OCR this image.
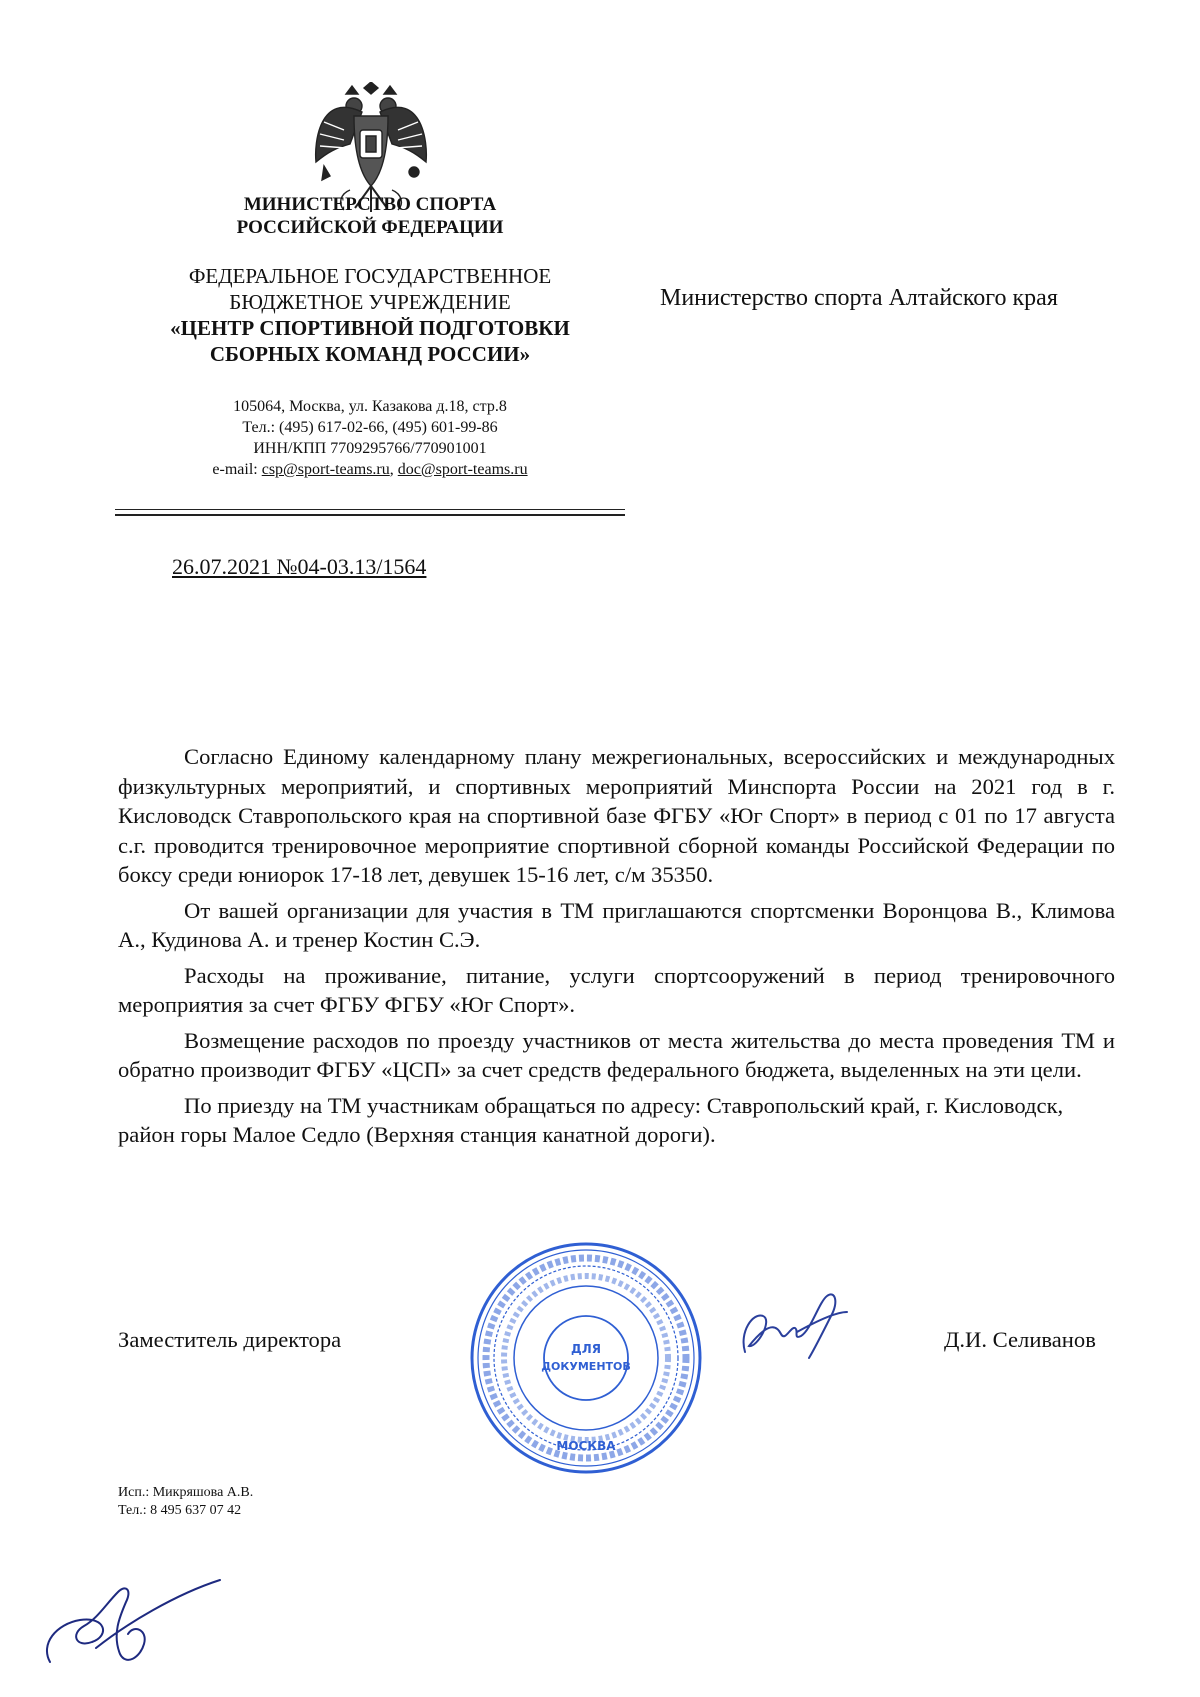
МИНИСТЕРСТВО СПОРТА
РОССИЙСКОЙ ФЕДЕРАЦИИ
ФЕДЕРАЛЬНОЕ ГОСУДАРСТВЕННОЕ
БЮДЖЕТНОЕ УЧРЕЖДЕНИЕ
«ЦЕНТР СПОРТИВНОЙ ПОДГОТОВКИ
СБОРНЫХ КОМАНД РОССИИ»
105064, Москва, ул. Казакова д.18, стр.8
Тел.: (495) 617-02-66, (495) 601-99-86
ИНН/КПП 7709295766/770901001
e-mail: csp@sport-teams.ru, doc@sport-teams.ru
Министерство спорта Алтайского края
26.07.2021 №04-03.13/1564

Согласно Единому календарному плану межрегиональных, всероссийских и международных физкультурных мероприятий, и спортивных мероприятий Минспорта России на 2021 год в г. Кисловодск Ставропольского края на спортивной базе ФГБУ «Юг Спорт» в период с 01 по 17 августа с.г. проводится тренировочное мероприятие спортивной сборной команды Российской Федерации по боксу среди юниорок 17-18 лет, девушек 15-16 лет, с/м 35350.

От вашей организации для участия в ТМ приглашаются спортсменки Воронцова В., Климова А., Кудинова А. и тренер Костин С.Э.

Расходы на проживание, питание, услуги спортсооружений в период тренировочного мероприятия за счет ФГБУ ФГБУ «Юг Спорт».

Возмещение расходов по проезду участников от места жительства до места проведения ТМ и обратно производит ФГБУ «ЦСП» за счет средств федерального бюджета, выделенных на эти цели.

По приезду на ТМ участникам обращаться по адресу: Ставропольский край, г. Кисловодск, район горы Малое Седло (Верхняя станция канатной дороги).

Заместитель директора	ДЛЯ
ДОКУМЕНТОВ
МОСКВА
Д.И. Селиванов
Исп.: Микряшова А.В.
Тел.: 8 495 637 07 42
